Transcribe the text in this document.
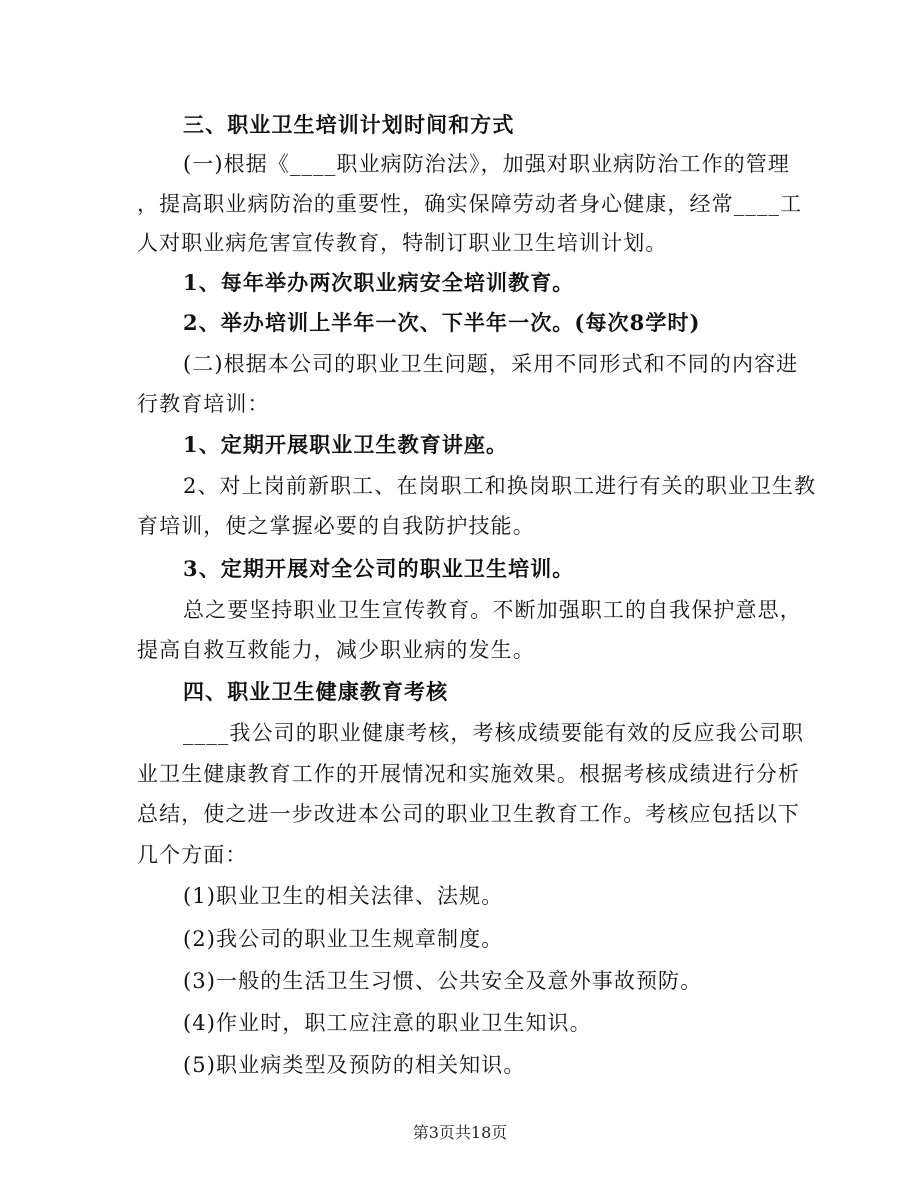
三、职业卫生培训计划时间和方式
(一)根据《____职业病防治法》，加强对职业病防治工作的管理
，提高职业病防治的重要性，确实保障劳动者身心健康，经常____工
人对职业病危害宣传教育，特制订职业卫生培训计划。
1、每年举办两次职业病安全培训教育。
2、举办培训上半年一次、下半年一次。(每次8学时)
(二)根据本公司的职业卫生问题，采用不同形式和不同的内容进
行教育培训：
1、定期开展职业卫生教育讲座。
2、对上岗前新职工、在岗职工和换岗职工进行有关的职业卫生教
育培训，使之掌握必要的自我防护技能。
3、定期开展对全公司的职业卫生培训。
总之要坚持职业卫生宣传教育。不断加强职工的自我保护意思，
提高自救互救能力，减少职业病的发生。
四、职业卫生健康教育考核
____我公司的职业健康考核，考核成绩要能有效的反应我公司职
业卫生健康教育工作的开展情况和实施效果。根据考核成绩进行分析
总结，使之进一步改进本公司的职业卫生教育工作。考核应包括以下
几个方面：
(1)职业卫生的相关法律、法规。
(2)我公司的职业卫生规章制度。
(3)一般的生活卫生习惯、公共安全及意外事故预防。
(4)作业时，职工应注意的职业卫生知识。
(5)职业病类型及预防的相关知识。
第3页共18页
